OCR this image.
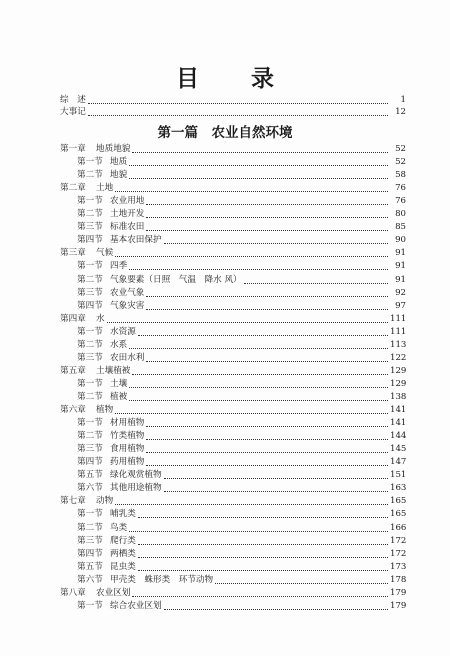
目 录
综　述	1
大事记	12
第一篇　农业自然环境
第一章	地质地貌	52
第一节 地质	52
第二节 地貌	58
第二章	土地	76
第一节 农业用地	76
第二节 土地开发	80
第三节 标准农田	85
第四节 基本农田保护	90
第三章	气候	91
第一节 四季	91
第二节 气象要素（日照　气温　降水 风）	91
第三节 农业气象	92
第四节 气象灾害	97
第四章	水	111
第一节 水资源	111
第二节 水系	113
第三节 农田水利	122
第五章	土壤植被	129
第一节 土壤	129
第二节 植被	138
第六章	植物	141
第一节 材用植物	141
第二节 竹类植物	144
第三节 食用植物	145
第四节 药用植物	147
第五节 绿化观赏植物	151
第六节 其他用途植物	163
第七章	动物	165
第一节 哺乳类	165
第二节 鸟类	166
第三节 爬行类	172
第四节 两栖类	172
第五节 昆虫类	173
第六节 甲壳类　蛛形类　环节动物	178
第八章	农业区划	179
第一节 综合农业区划	179
